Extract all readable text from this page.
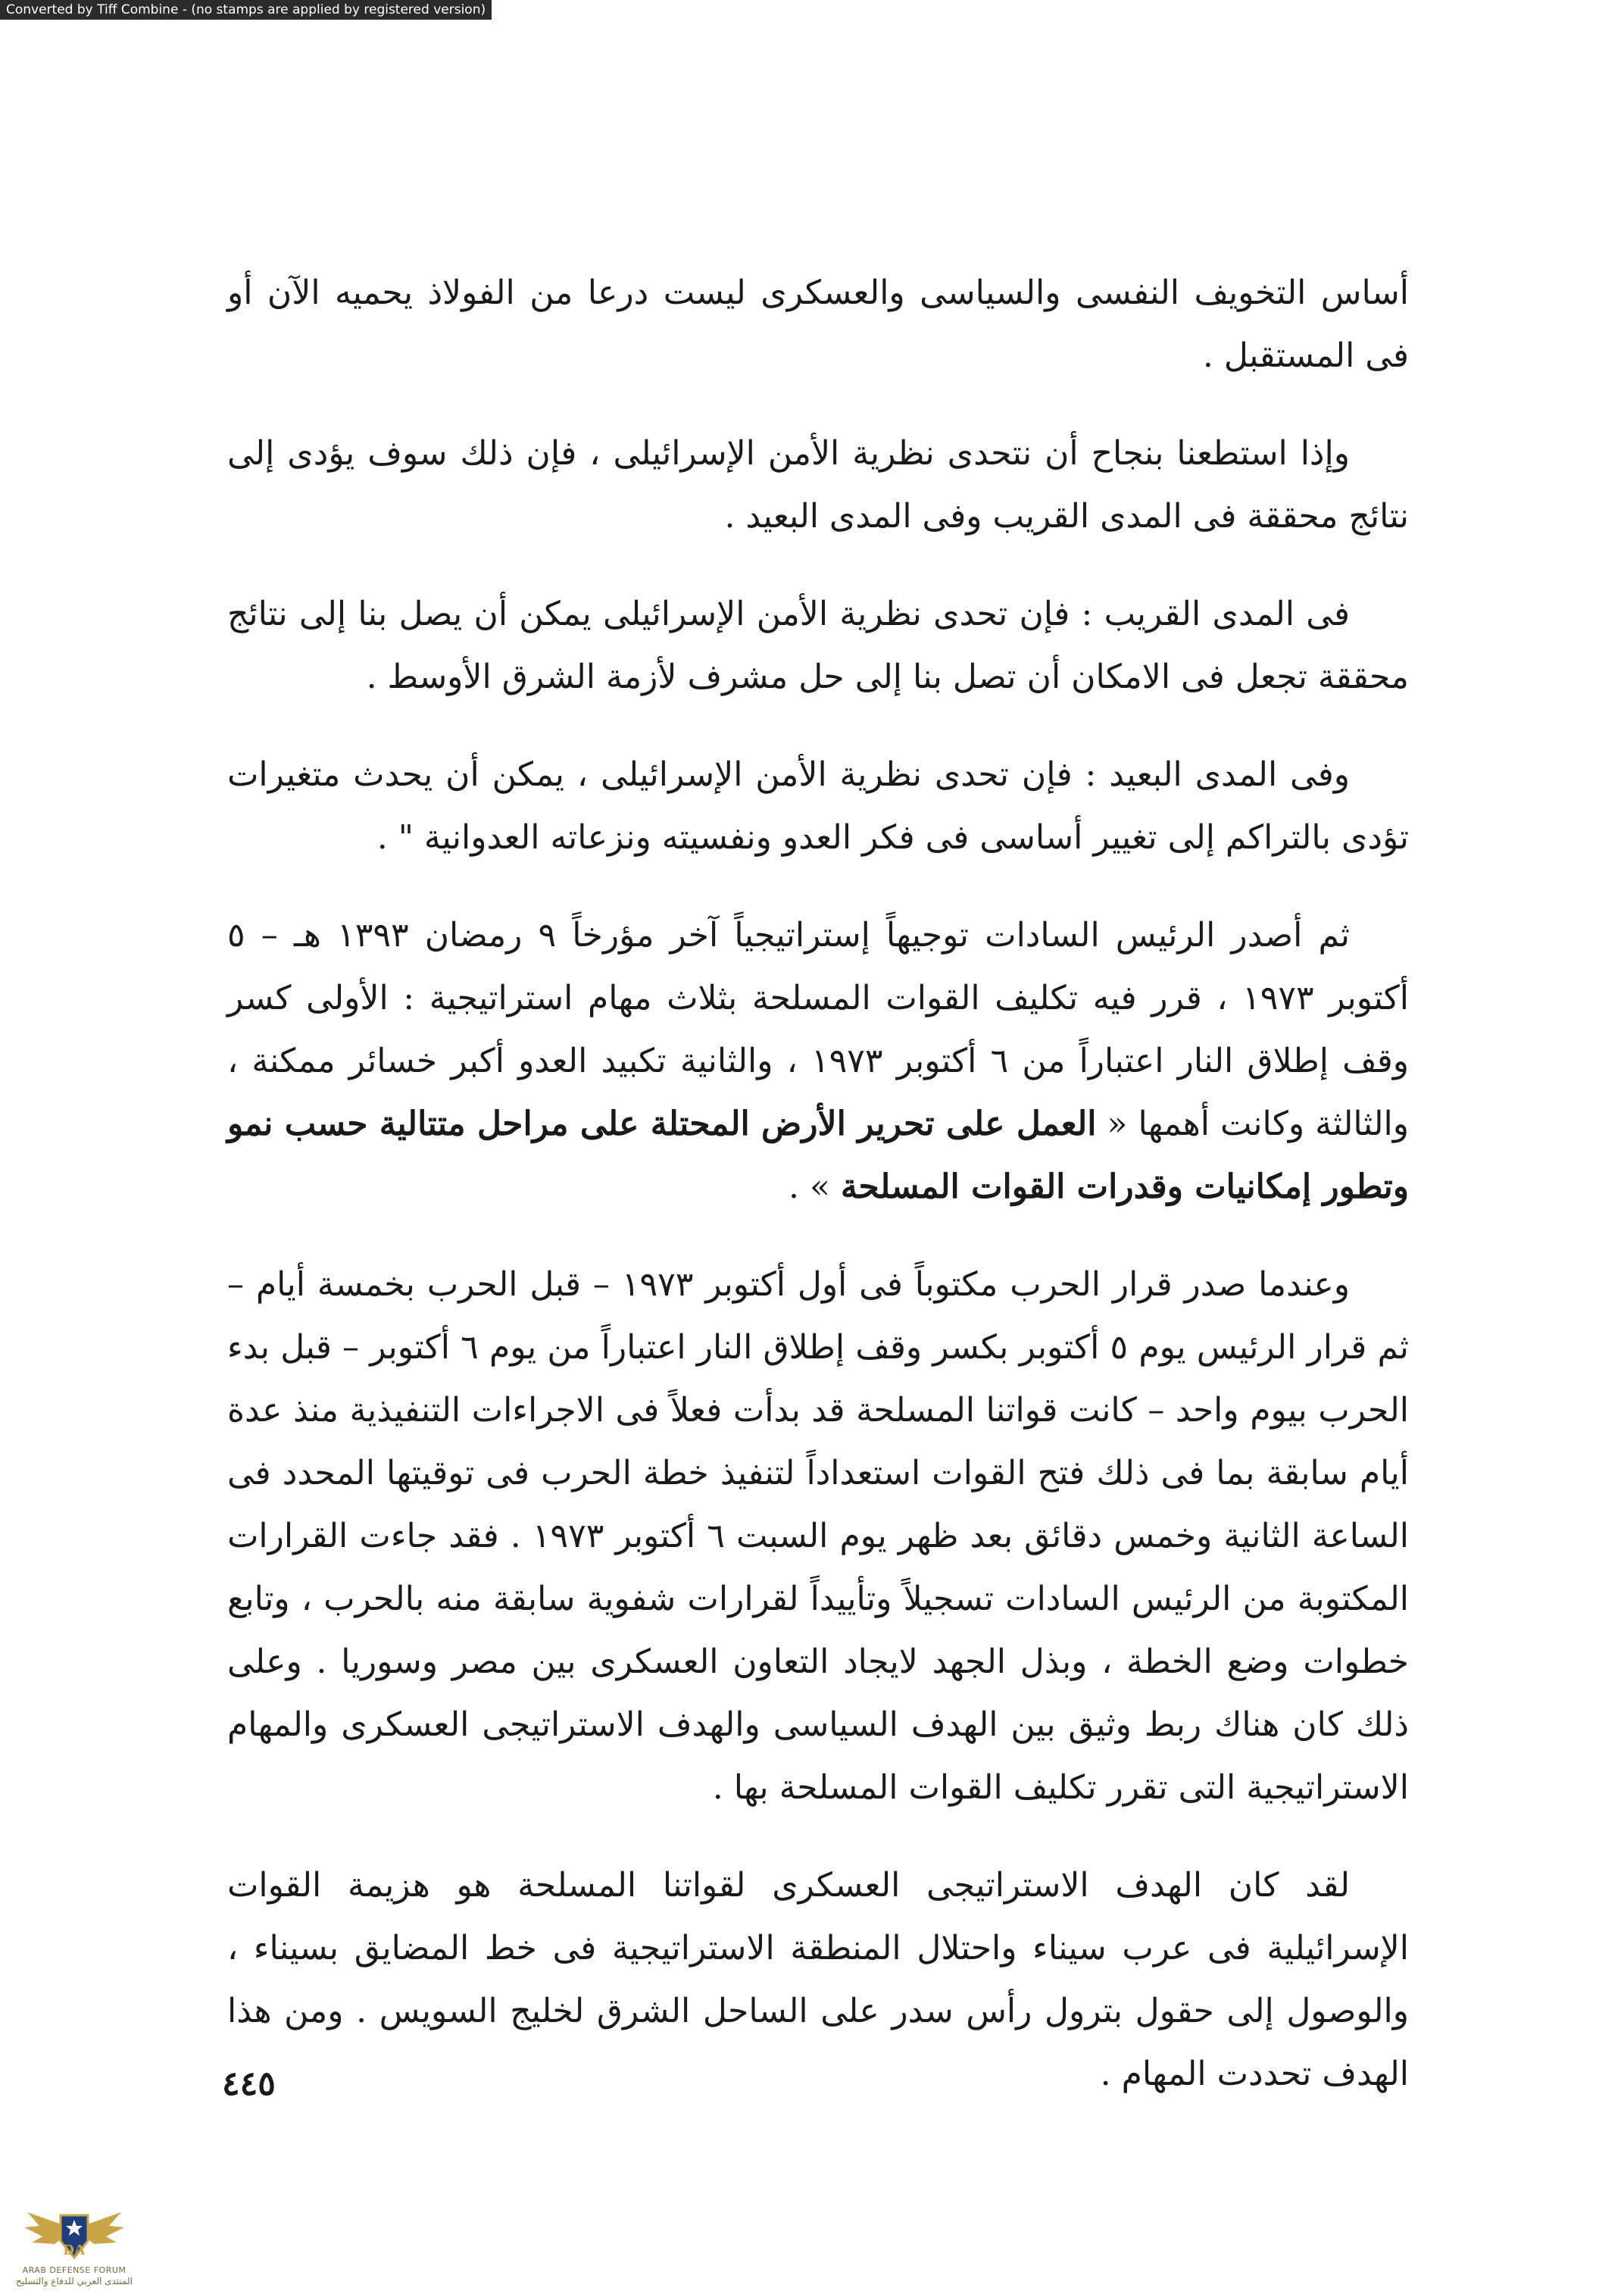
Converted by Tiff Combine - (no stamps are applied by registered version)

أساس التخويف النفسى والسياسى والعسكرى ليست درعا من الفولاذ يحميه الآن أو فى المستقبل .

وإذا استطعنا بنجاح أن نتحدى نظرية الأمن الإسرائيلى ، فإن ذلك سوف يؤدى إلى نتائج محققة فى المدى القريب وفى المدى البعيد .

فى المدى القريب : فإن تحدى نظرية الأمن الإسرائيلى يمكن أن يصل بنا إلى نتائج محققة تجعل فى الامكان أن تصل بنا إلى حل مشرف لأزمة الشرق الأوسط .

وفى المدى البعيد : فإن تحدى نظرية الأمن الإسرائيلى ، يمكن أن يحدث متغيرات تؤدى بالتراكم إلى تغيير أساسى فى فكر العدو ونفسيته ونزعاته العدوانية " .

ثم أصدر الرئيس السادات توجيهاً إستراتيجياً آخر مؤرخاً ٩ رمضان ١٣٩٣ هـ – ٥ أكتوبر ١٩٧٣ ، قرر فيه تكليف القوات المسلحة بثلاث مهام استراتيجية : الأولى كسر وقف إطلاق النار اعتباراً من ٦ أكتوبر ١٩٧٣ ، والثانية تكبيد العدو أكبر خسائر ممكنة ، والثالثة وكانت أهمها « العمل على تحرير الأرض المحتلة على مراحل متتالية حسب نمو وتطور إمكانيات وقدرات القوات المسلحة » .

وعندما صدر قرار الحرب مكتوباً فى أول أكتوبر ١٩٧٣ – قبل الحرب بخمسة أيام – ثم قرار الرئيس يوم ٥ أكتوبر بكسر وقف إطلاق النار اعتباراً من يوم ٦ أكتوبر – قبل بدء الحرب بيوم واحد – كانت قواتنا المسلحة قد بدأت فعلاً فى الاجراءات التنفيذية منذ عدة أيام سابقة بما فى ذلك فتح القوات استعداداً لتنفيذ خطة الحرب فى توقيتها المحدد فى الساعة الثانية وخمس دقائق بعد ظهر يوم السبت ٦ أكتوبر ١٩٧٣ . فقد جاءت القرارات المكتوبة من الرئيس السادات تسجيلاً وتأييداً لقرارات شفوية سابقة منه بالحرب ، وتابع خطوات وضع الخطة ، وبذل الجهد لايجاد التعاون العسكرى بين مصر وسوريا . وعلى ذلك كان هناك ربط وثيق بين الهدف السياسى والهدف الاستراتيجى العسكرى والمهام الاستراتيجية التى تقرر تكليف القوات المسلحة بها .

لقد كان الهدف الاستراتيجى العسكرى لقواتنا المسلحة هو هزيمة القوات الإسرائيلية فى عرب سيناء واحتلال المنطقة الاستراتيجية فى خط المضايق بسيناء ، والوصول إلى حقول بترول رأس سدر على الساحل الشرق لخليج السويس . ومن هذا الهدف تحددت المهام .

٤٤٥
DA
ARAB DEFENSE FORUM
المنتدى العربي للدفاع والتسليح
